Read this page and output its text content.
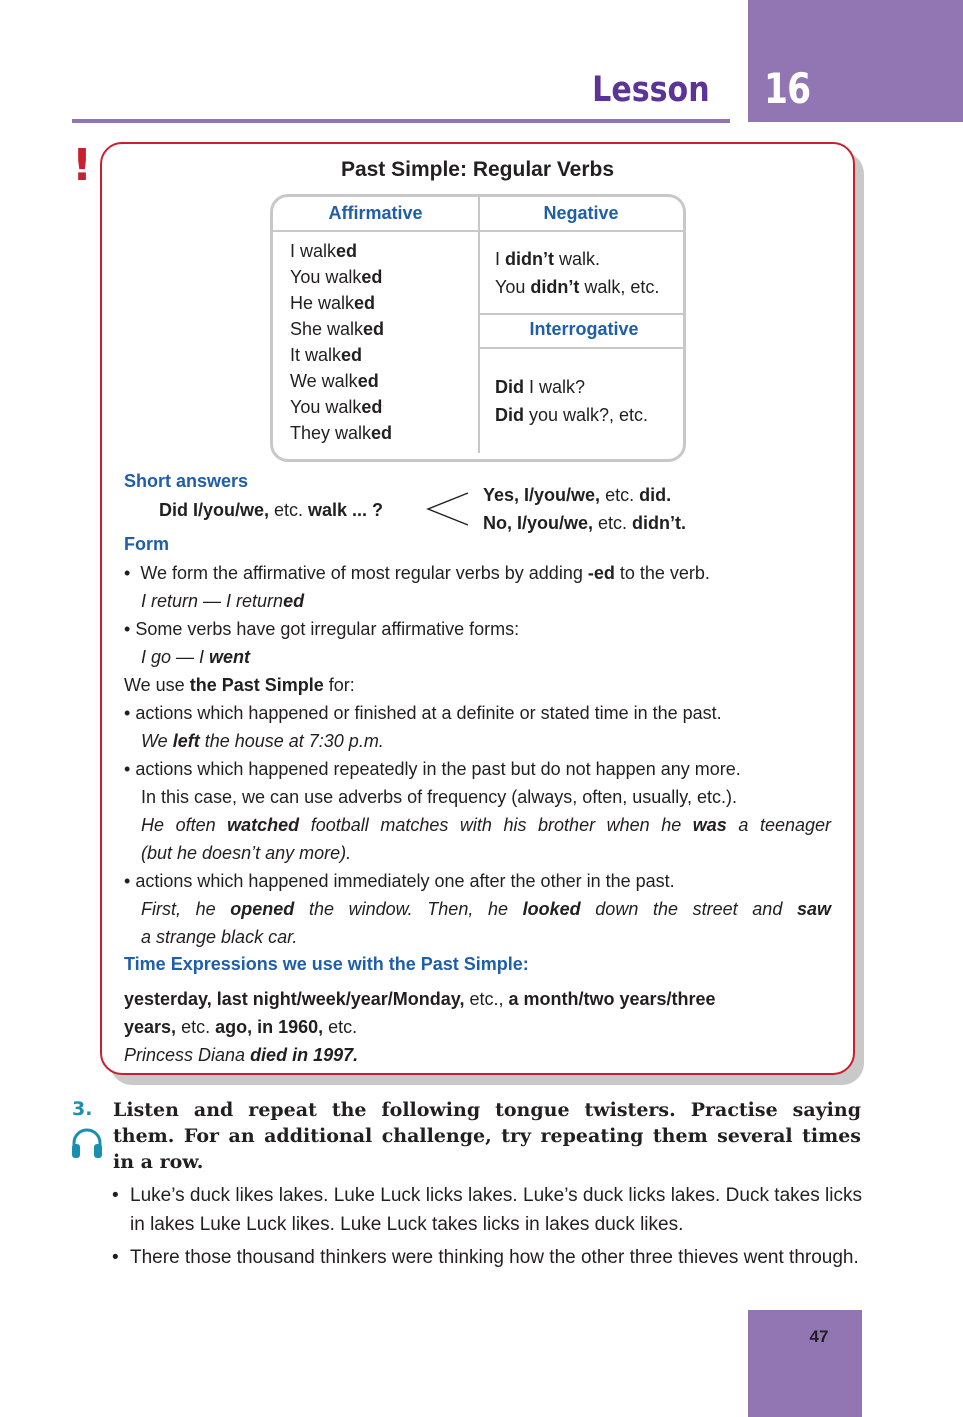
16
Lesson
!	Past Simple: Regular Verbs
Affirmative	Negative
Interrogative
I walked
You walked
He walked
She walked
It walked
We walked
You walked
They walked
I didn’t walk.
You didn’t walk, etc.
Did I walk?
Did you walk?, etc.
Short answers
Did I/you/we, etc. walk ... ?
Yes, I/you/we, etc. did.
No, I/you/we, etc. didn’t.
Form
•  We form the affirmative of most regular verbs by adding -ed to the verb.
I return — I returned
• Some verbs have got irregular affirmative forms:
I go — I went
We use the Past Simple for:
• actions which happened or finished at a definite or stated time in the past.
We left the house at 7:30 p.m.
• actions which happened repeatedly in the past but do not happen any more.
In this case, we can use adverbs of frequency (always, often, usually, etc.).
He often watched football matches with his brother when he was a teenager
(but he doesn’t any more).
• actions which happened immediately one after the other in the past.
First, he opened the window. Then, he looked down the street and saw
a strange black car.
Time Expressions we use with the Past Simple:
yesterday, last night/week/year/Monday, etc., a month/two years/three
years, etc. ago, in 1960, etc.
Princess Diana died in 1997.
3. Listen and repeat the following tongue twisters. Practise saying them. For an additional challenge, try repeating them several times in a row.
• Luke’s duck likes lakes. Luke Luck licks lakes. Luke’s duck licks lakes. Duck takes licks in lakes Luke Luck likes. Luke Luck takes licks in lakes duck likes.
• There those thousand thinkers were thinking how the other three thieves went through.
47
